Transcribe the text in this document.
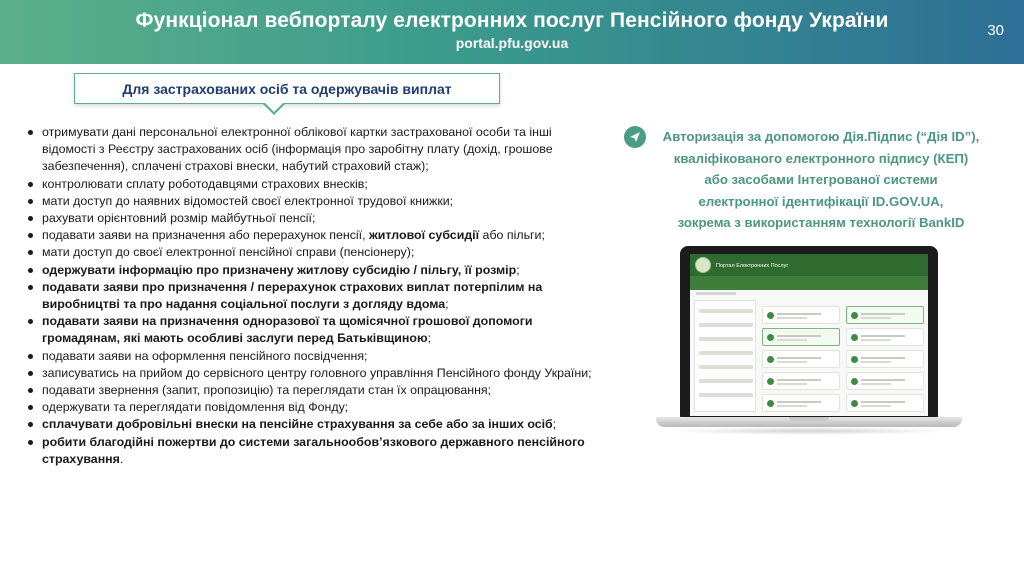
Функціонал вебпорталу електронних послуг Пенсійного фонду України
portal.pfu.gov.ua
30
Для застрахованих осіб та одержувачів виплат
отримувати дані персональної електронної облікової картки застрахованої особи та інші відомості з Реєстру застрахованих осіб (інформація про заробітну плату (дохід, грошове забезпечення), сплачені страхові внески, набутий страховий стаж);
контролювати сплату роботодавцями страхових внесків;
мати доступ до наявних відомостей своєї електронної трудової книжки;
рахувати орієнтовний розмір майбутньої пенсії;
подавати заяви на призначення або перерахунок пенсії, житлової субсидії або пільги;
мати доступ до своєї електронної пенсійної справи (пенсіонеру);
одержувати інформацію про призначену житлову субсидію / пільгу, її розмір;
подавати заяви про призначення / перерахунок страхових виплат потерпілим на виробництві та про надання соціальної послуги з догляду вдома;
подавати заяви на призначення одноразової та щомісячної грошової допомоги громадянам, які мають особливі заслуги перед Батьківщиною;
подавати заяви на оформлення пенсійного посвідчення;
записуватись на прийом до сервісного центру головного управління Пенсійного фонду України;
подавати звернення (запит, пропозицію) та переглядати стан їх опрацювання;
одержувати та переглядати повідомлення від Фонду;
сплачувати добровільні внески на пенсійне страхування за себе або за інших осіб;
робити благодійні пожертви до системи загальнообов’язкового державного пенсійного страхування.
Авторизація за допомогою Дія.Підпис (“Дія ID”),
кваліфікованого електронного підпису (КЕП)
або засобами Інтегрованої системи
електронної ідентифікації ID.GOV.UA,
зокрема з використанням технології BankID
Портал Електронних Послуг
